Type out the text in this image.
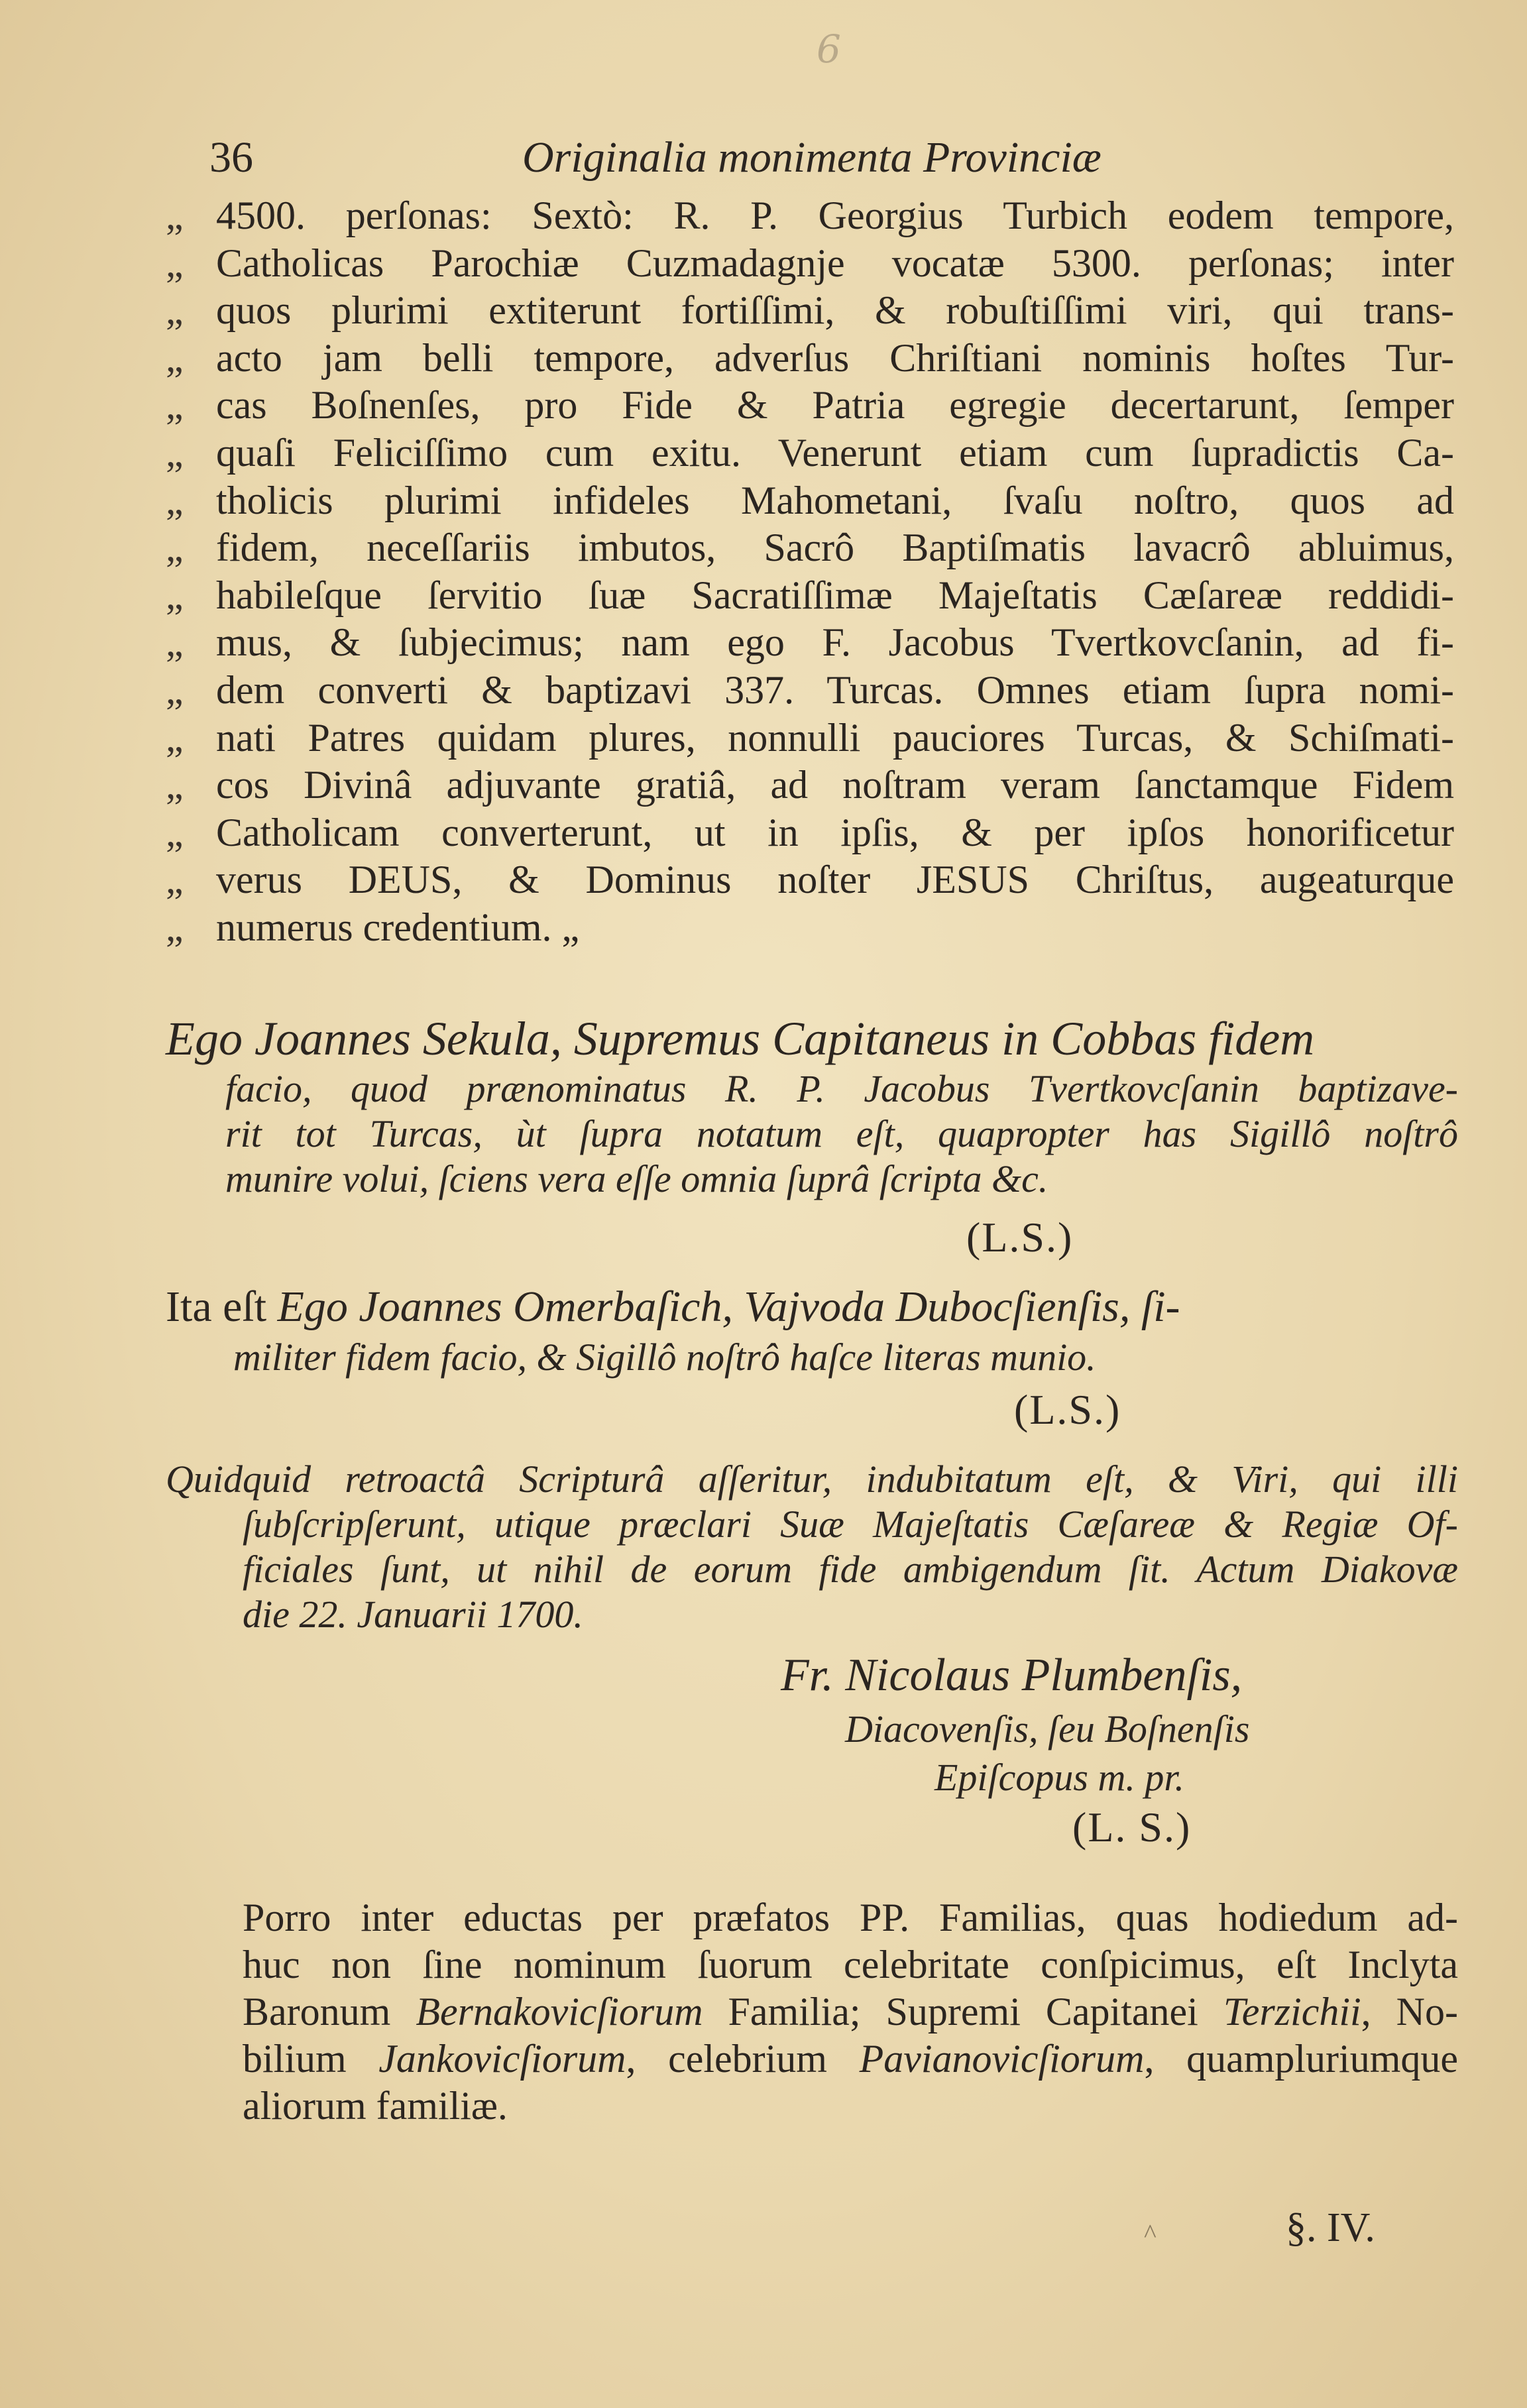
6
36	Originalia monimenta Provinciæ
„ 4500. perſonas: Sextò: R. P. Georgius Turbich eodem tempore,
„ Catholicas Parochiæ Cuzmadagnje vocatæ 5300. perſonas; inter
„ quos plurimi extiterunt fortiſſimi, & robuſtiſſimi viri, qui trans-
„ acto jam belli tempore, adverſus Chriſtiani nominis hoſtes Tur-
„ cas Boſnenſes, pro Fide & Patria egregie decertarunt, ſemper
„ quaſi Feliciſſimo cum exitu. Venerunt etiam cum ſupradictis Ca-
„ tholicis plurimi infideles Mahometani, ſvaſu noſtro, quos ad
„ fidem, neceſſariis imbutos, Sacrô Baptiſmatis lavacrô abluimus,
„ habileſque ſervitio ſuæ Sacratiſſimæ Majeſtatis Cæſareæ reddidi-
„ mus, & ſubjecimus; nam ego F. Jacobus Tvertkovcſanin, ad fi-
„ dem converti & baptizavi 337. Turcas. Omnes etiam ſupra nomi-
„ nati Patres quidam plures, nonnulli pauciores Turcas, & Schiſmati-
„ cos Divinâ adjuvante gratiâ, ad noſtram veram ſanctamque Fidem
„ Catholicam converterunt, ut in ipſis, & per ipſos honorificetur
„ verus DEUS, & Dominus noſter JESUS Chriſtus, augeaturque
„ numerus credentium. „
Ego Joannes Sekula, Supremus Capitaneus in Cobbas fidem
facio, quod prænominatus R. P. Jacobus Tvertkovcſanin baptizave-
rit tot Turcas, ùt ſupra notatum eſt, quapropter has Sigillô noſtrô
munire volui, ſciens vera eſſe omnia ſuprâ ſcripta &c.
(L.S.)
Ita eſt Ego Joannes Omerbaſich, Vajvoda Dubocſienſis, ſi-
militer fidem facio, & Sigillô noſtrô haſce literas munio.
(L.S.)
Quidquid retroactâ Scripturâ aſſeritur, indubitatum eſt, & Viri, qui illi
ſubſcripſerunt, utique præclari Suæ Majeſtatis Cæſareæ & Regiæ Of-
ficiales ſunt, ut nihil de eorum fide ambigendum ſit. Actum Diakovæ
die 22. Januarii 1700.
Fr. Nicolaus Plumbenſis,
Diacovenſis, ſeu Boſnenſis
Epiſcopus m. pr.
(L. S.)
Porro inter eductas per præfatos PP. Familias, quas hodiedum ad-
huc non ſine nominum ſuorum celebritate conſpicimus, eſt Inclyta
Baronum Bernakovicſiorum Familia; Supremi Capitanei Terzichii, No-
bilium Jankovicſiorum, celebrium Pavianovicſiorum, quampluriumque
aliorum familiæ.
§. IV.
^
